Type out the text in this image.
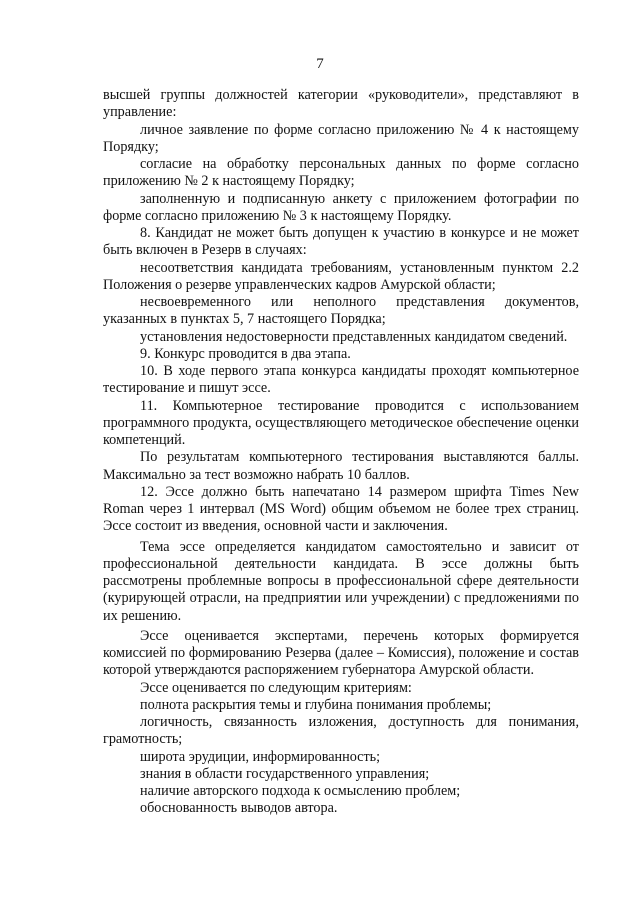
7

высшей группы должностей категории «руководители», представляют в управление:

личное заявление по форме согласно приложению № 4 к настоящему Порядку;

согласие на обработку персональных данных по форме согласно приложению № 2 к настоящему Порядку;

заполненную и подписанную анкету с приложением фотографии по форме согласно приложению № 3 к настоящему Порядку.

8. Кандидат не может быть допущен к участию в конкурсе и не может быть включен в Резерв в случаях:

несоответствия кандидата требованиям, установленным пунктом 2.2 Положения о резерве управленческих кадров Амурской области;

несвоевременного или неполного представления документов, указанных в пунктах 5, 7 настоящего Порядка;

установления недостоверности представленных кандидатом сведений.

9. Конкурс проводится в два этапа.

10. В ходе первого этапа конкурса кандидаты проходят компьютерное тестирование и пишут эссе.

11. Компьютерное тестирование проводится с использованием программного продукта, осуществляющего методическое обеспечение оценки компетенций.

По результатам компьютерного тестирования выставляются баллы. Максимально за тест возможно набрать 10 баллов.

12. Эссе должно быть напечатано 14 размером шрифта Times New Roman через 1 интервал (MS Word) общим объемом не более трех страниц. Эссе состоит из введения, основной части и заключения.

Тема эссе определяется кандидатом самостоятельно и зависит от профессиональной деятельности кандидата. В эссе должны быть рассмотрены проблемные вопросы в профессиональной сфере деятельности (курирующей отрасли, на предприятии или учреждении) с предложениями по их решению.

Эссе оценивается экспертами, перечень которых формируется комиссией по формированию Резерва (далее – Комиссия), положение и состав которой утверждаются распоряжением губернатора Амурской области.

Эссе оценивается по следующим критериям:

полнота раскрытия темы и глубина понимания проблемы;

логичность, связанность изложения, доступность для понимания, грамотность;

широта эрудиции, информированность;

знания в области государственного управления;

наличие авторского подхода к осмыслению проблем;

обоснованность выводов автора.
